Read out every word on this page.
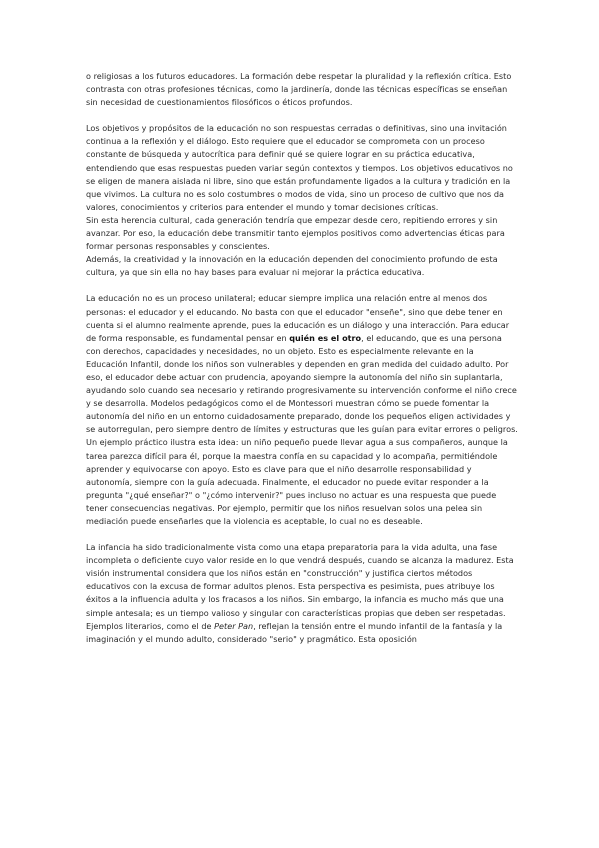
o religiosas a los futuros educadores. La formación debe respetar la pluralidad y la reflexión crítica. Esto contrasta con otras profesiones técnicas, como la jardinería, donde las técnicas específicas se enseñan sin necesidad de cuestionamientos filosóficos o éticos profundos.

Los objetivos y propósitos de la educación no son respuestas cerradas o definitivas, sino una invitación continua a la reflexión y el diálogo. Esto requiere que el educador se comprometa con un proceso constante de búsqueda y autocrítica para definir qué se quiere lograr en su práctica educativa, entendiendo que esas respuestas pueden variar según contextos y tiempos. Los objetivos educativos no se eligen de manera aislada ni libre, sino que están profundamente ligados a la cultura y tradición en la que vivimos. La cultura no es solo costumbres o modos de vida, sino un proceso de cultivo que nos da valores, conocimientos y criterios para entender el mundo y tomar decisiones críticas.

Sin esta herencia cultural, cada generación tendría que empezar desde cero, repitiendo errores y sin avanzar. Por eso, la educación debe transmitir tanto ejemplos positivos como advertencias éticas para formar personas responsables y conscientes.

Además, la creatividad y la innovación en la educación dependen del conocimiento profundo de esta cultura, ya que sin ella no hay bases para evaluar ni mejorar la práctica educativa.

La educación no es un proceso unilateral; educar siempre implica una relación entre al menos dos personas: el educador y el educando. No basta con que el educador "enseñe", sino que debe tener en cuenta si el alumno realmente aprende, pues la educación es un diálogo y una interacción. Para educar de forma responsable, es fundamental pensar en quién es el otro, el educando, que es una persona con derechos, capacidades y necesidades, no un objeto. Esto es especialmente relevante en la Educación Infantil, donde los niños son vulnerables y dependen en gran medida del cuidado adulto. Por eso, el educador debe actuar con prudencia, apoyando siempre la autonomía del niño sin suplantarla, ayudando solo cuando sea necesario y retirando progresivamente su intervención conforme el niño crece y se desarrolla. Modelos pedagógicos como el de Montessori muestran cómo se puede fomentar la autonomía del niño en un entorno cuidadosamente preparado, donde los pequeños eligen actividades y se autorregulan, pero siempre dentro de límites y estructuras que les guían para evitar errores o peligros. Un ejemplo práctico ilustra esta idea: un niño pequeño puede llevar agua a sus compañeros, aunque la tarea parezca difícil para él, porque la maestra confía en su capacidad y lo acompaña, permitiéndole aprender y equivocarse con apoyo. Esto es clave para que el niño desarrolle responsabilidad y autonomía, siempre con la guía adecuada. Finalmente, el educador no puede evitar responder a la pregunta "¿qué enseñar?" o "¿cómo intervenir?" pues incluso no actuar es una respuesta que puede tener consecuencias negativas. Por ejemplo, permitir que los niños resuelvan solos una pelea sin mediación puede enseñarles que la violencia es aceptable, lo cual no es deseable.

La infancia ha sido tradicionalmente vista como una etapa preparatoria para la vida adulta, una fase incompleta o deficiente cuyo valor reside en lo que vendrá después, cuando se alcanza la madurez. Esta visión instrumental considera que los niños están en "construcción" y justifica ciertos métodos educativos con la excusa de formar adultos plenos. Esta perspectiva es pesimista, pues atribuye los éxitos a la influencia adulta y los fracasos a los niños. Sin embargo, la infancia es mucho más que una simple antesala; es un tiempo valioso y singular con características propias que deben ser respetadas. Ejemplos literarios, como el de Peter Pan, reflejan la tensión entre el mundo infantil de la fantasía y la imaginación y el mundo adulto, considerado "serio" y pragmático. Esta oposición
